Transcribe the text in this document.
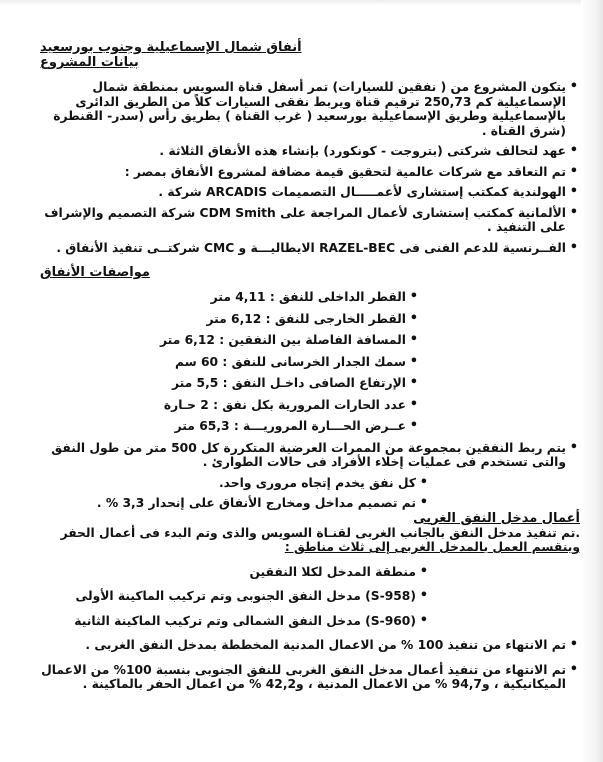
أنفاق شمال الإسماعيلية وجنوب بورسعيد
بيانات المشروع

• يتكون المشروع من ( نفقين للسيارات) تمر أسفل قناة السويس بمنطقة شمال الإسماعيلية كم 250,73 ترقيم قناة ويربط نفقى السيارات كلاً من الطريق الدائرى بالإسماعيلية وطريق الإسماعيلية بورسعيد ( غرب القناة ) بطريق رأس (سدر- القنطرة (شرق القناة .

• عهد لتحالف شركتى (بتروجت - كونكورد) بإنشاء هذه الأنفاق الثلاثة .

• تم التعاقد مع شركات عالمية لتحقيق قيمة مضافة لمشروع الأنفاق بمصر :

• الهولندية كمكتب إستشارى لأعمـــــال التصميمات ARCADIS شركة .

• الألمانية كمكتب إستشارى لأعمال المراجعة على CDM Smith شركة التصميم والإشراف على التنفيذ .

• الفــرنسية للدعم الفنى فى RAZEL-BEC الايطاليـــة و CMC شركتــى تنفيذ الأنفاق .

مواصفات الأنفاق

• القطر الداخلى للنفق : 4,11 متر

• القطر الخارجى للنفق : 6,12 متر

• المسافة الفاصلة بين النفقين : 6,12 متر

• سمك الجدار الخرسانى للنفق : 60 سم

• الإرتفاع الصافى داخـل النفق : 5,5 متر

• عدد الحارات المرورية بكل نفق : 2 حـارة

• عــرض الحـــارة المروريـــة : 65,3 متر

• يتم ربط النفقين بمجموعة من الممرات العرضية المتكررة كل 500 متر من طول النفق والتى تستخدم فى عمليات إخلاء الأفراد فى حالات الطوارئ .

• كل نفق يخدم إتجاه مرورى واحد.

• تم تصميم مداخل ومخارج الأنفاق على إنحدار 3,3 % .

أعمال مدخل النفق الغربى

.تم تنفيذ مدخل النفق بالجانب الغربى لقنـاة السويس والذى وتم البدء فى أعمال الحفر

وينقسم العمل بالمدخل الغربى إلى ثلاث مناطق :

• منطقة المدخل لكلا النفقين

• (S-958) مدخل النفق الجنوبى وتم تركيب الماكينة الأولى

• (S-960) مدخل النفق الشمالى وتم تركيب الماكينة الثانية

• تم الانتهاء من تنفيذ 100 % من الاعمال المدنية المخططة بمدخل النفق الغربى .

• تم الانتهاء من تنفيذ أعمال مدخل النفق الغربى للنفق الجنوبى بنسبة 100% من الاعمال الميكانيكية ، و94,7 % من الاعمال المدنية ، و42,2 % من اعمال الحفر بالماكينة .
